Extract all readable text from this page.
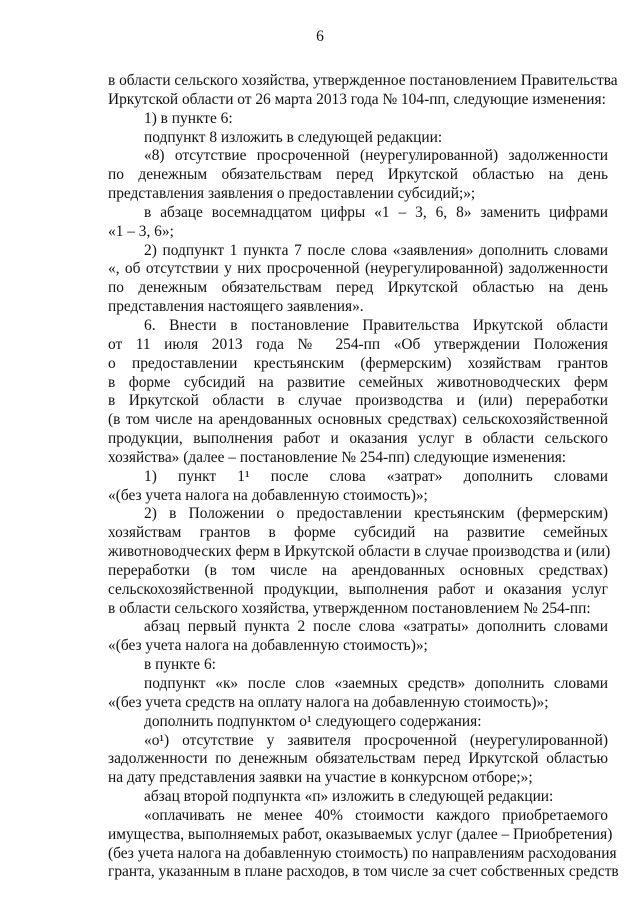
6
в области сельского хозяйства, утвержденное постановлением Правительства
Иркутской области от 26 марта 2013 года № 104-пп, следующие изменения:
1) в пункте 6:
подпункт 8 изложить в следующей редакции:
«8) отсутствие просроченной (неурегулированной) задолженности
по денежным обязательствам перед Иркутской областью на день
представления заявления о предоставлении субсидий;»;
в абзаце восемнадцатом цифры «1 – 3, 6, 8» заменить цифрами
«1 – 3, 6»;
2) подпункт 1 пункта 7 после слова «заявления» дополнить словами
«, об отсутствии у них просроченной (неурегулированной) задолженности
по денежным обязательствам перед Иркутской областью на день
представления настоящего заявления».
6. Внести в постановление Правительства Иркутской области
от 11 июля 2013 года № 254-пп «Об утверждении Положения
о предоставлении крестьянским (фермерским) хозяйствам грантов
в форме субсидий на развитие семейных животноводческих ферм
в Иркутской области в случае производства и (или) переработки
(в том числе на арендованных основных средствах) сельскохозяйственной
продукции, выполнения работ и оказания услуг в области сельского
хозяйства» (далее – постановление № 254-пп) следующие изменения:
1) пункт 1¹ после слова «затрат» дополнить словами
«(без учета налога на добавленную стоимость)»;
2) в Положении о предоставлении крестьянским (фермерским)
хозяйствам грантов в форме субсидий на развитие семейных
животноводческих ферм в Иркутской области в случае производства и (или)
переработки (в том числе на арендованных основных средствах)
сельскохозяйственной продукции, выполнения работ и оказания услуг
в области сельского хозяйства, утвержденном постановлением № 254-пп:
абзац первый пункта 2 после слова «затраты» дополнить словами
«(без учета налога на добавленную стоимость)»;
в пункте 6:
подпункт «к» после слов «заемных средств» дополнить словами
«(без учета средств на оплату налога на добавленную стоимость)»;
дополнить подпунктом о¹ следующего содержания:
«о¹) отсутствие у заявителя просроченной (неурегулированной)
задолженности по денежным обязательствам перед Иркутской областью
на дату представления заявки на участие в конкурсном отборе;»;
абзац второй подпункта «п» изложить в следующей редакции:
«оплачивать не менее 40% стоимости каждого приобретаемого
имущества, выполняемых работ, оказываемых услуг (далее – Приобретения)
(без учета налога на добавленную стоимость) по направлениям расходования
гранта, указанным в плане расходов, в том числе за счет собственных средств
